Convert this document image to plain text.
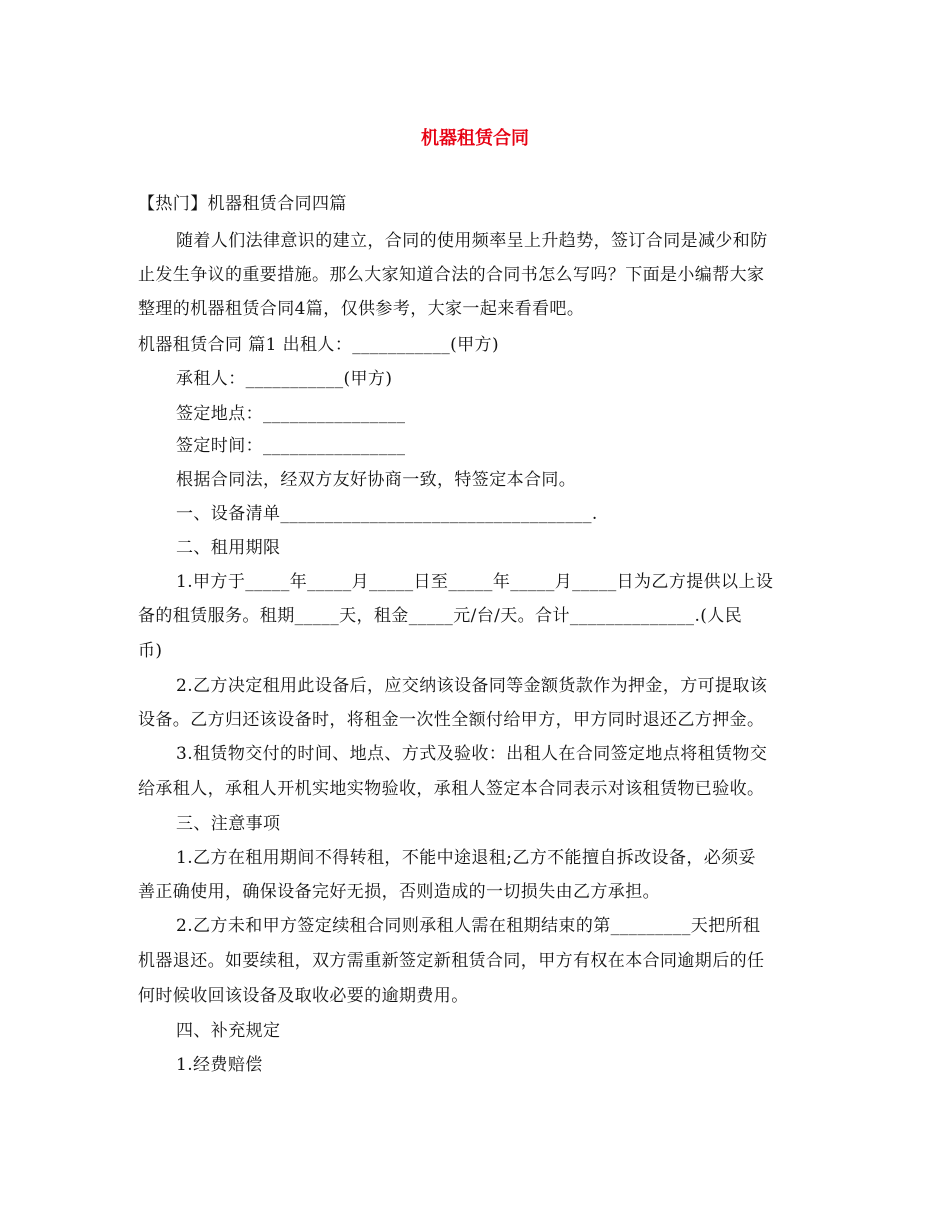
机器租赁合同
【热门】机器租赁合同四篇
随着人们法律意识的建立，合同的使用频率呈上升趋势，签订合同是减少和防
止发生争议的重要措施。那么大家知道合法的合同书怎么写吗？下面是小编帮大家
整理的机器租赁合同4篇，仅供参考，大家一起来看看吧。
机器租赁合同 篇1 出租人：___________(甲方)
承租人：___________(甲方)
签定地点：________________
签定时间：________________
根据合同法，经双方友好协商一致，特签定本合同。
一、设备清单___________________________________.
二、租用期限
1.甲方于_____年_____月_____日至_____年_____月_____日为乙方提供以上设
备的租赁服务。租期_____天，租金_____元/台/天。合计______________.(人民
币)
2.乙方决定租用此设备后，应交纳该设备同等金额货款作为押金，方可提取该
设备。乙方归还该设备时，将租金一次性全额付给甲方，甲方同时退还乙方押金。
3.租赁物交付的时间、地点、方式及验收：出租人在合同签定地点将租赁物交
给承租人，承租人开机实地实物验收，承租人签定本合同表示对该租赁物已验收。
三、注意事项
1.乙方在租用期间不得转租，不能中途退租;乙方不能擅自拆改设备，必须妥
善正确使用，确保设备完好无损，否则造成的一切损失由乙方承担。
2.乙方未和甲方签定续租合同则承租人需在租期结束的第_________天把所租
机器退还。如要续租，双方需重新签定新租赁合同，甲方有权在本合同逾期后的任
何时候收回该设备及取收必要的逾期费用。
四、补充规定
1.经费赔偿
